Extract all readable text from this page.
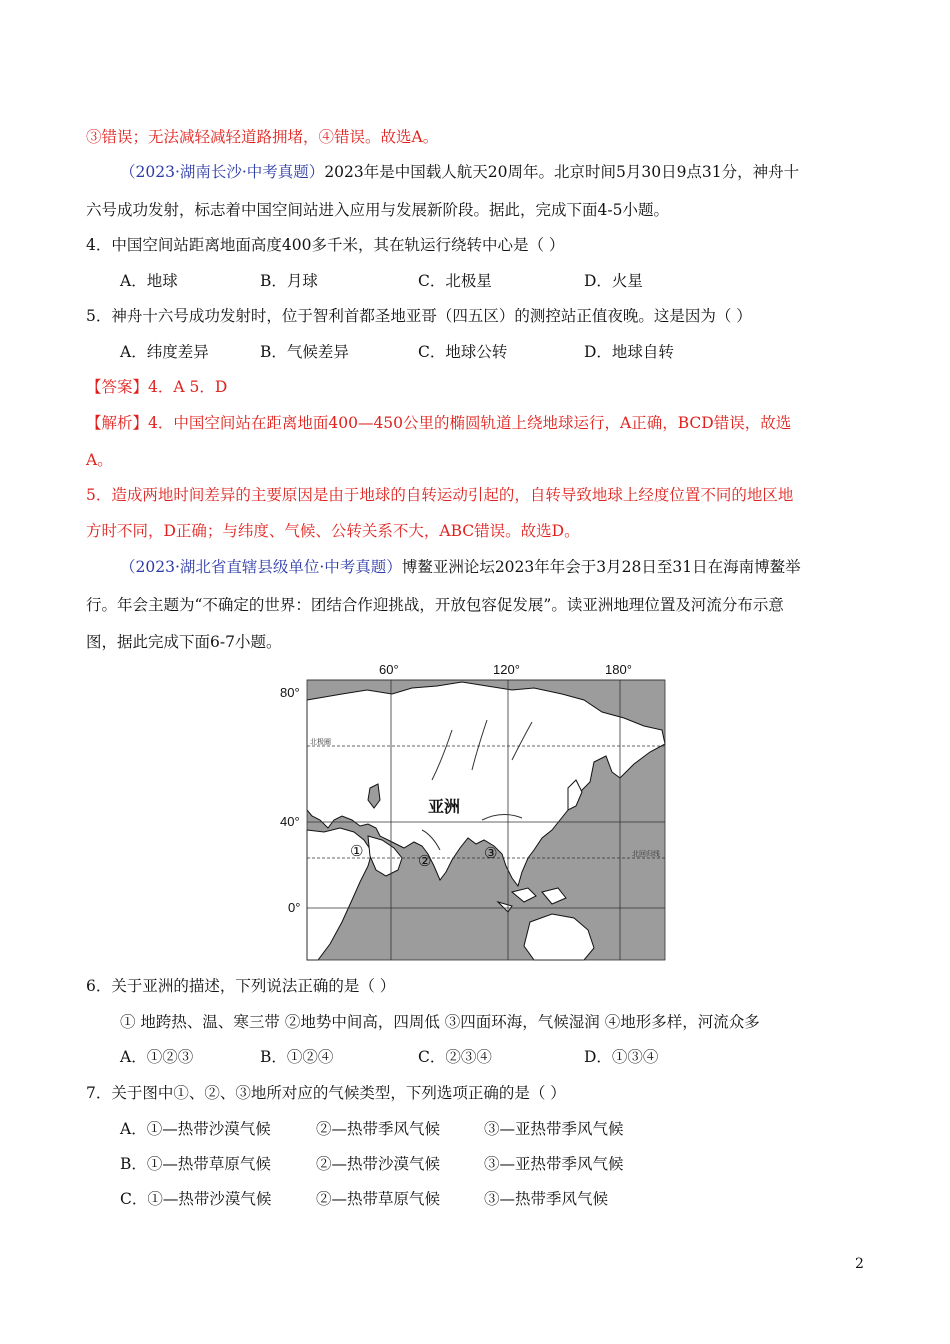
③错误；无法减轻减轻道路拥堵，④错误。故选A。
（2023·湖南长沙·中考真题）2023年是中国载人航天20周年。北京时间5月30日9点31分，神舟十
六号成功发射，标志着中国空间站进入应用与发展新阶段。据此，完成下面4-5小题。
4．中国空间站距离地面高度400多千米，其在轨运行绕转中心是（ ）
A．地球	B．月球	C．北极星	D．火星
5．神舟十六号成功发射时，位于智利首都圣地亚哥（四五区）的测控站正值夜晚。这是因为（ ）
A．纬度差异	B．气候差异	C．地球公转	D．地球自转
【答案】4．A 5．D
【解析】4．中国空间站在距离地面400—450公里的椭圆轨道上绕地球运行，A正确，BCD错误，故选
A。
5．造成两地时间差异的主要原因是由于地球的自转运动引起的，自转导致地球上经度位置不同的地区地
方时不同，D正确；与纬度、气候、公转关系不大，ABC错误。故选D。
（2023·湖北省直辖县级单位·中考真题）博鳌亚洲论坛2023年年会于3月28日至31日在海南博鳌举
行。年会主题为“不确定的世界：团结合作迎挑战，开放包容促发展”。读亚洲地理位置及河流分布示意
图，据此完成下面6-7小题。
60°	120°	180°
80°
40°
0°
北极圈
北回归线
亚洲
①
②	③
6．关于亚洲的描述，下列说法正确的是（ ）
① 地跨热、温、寒三带 ②地势中间高，四周低 ③四面环海，气候湿润 ④地形多样，河流众多
A．①②③	B．①②④	C．②③④	D．①③④
7．关于图中①、②、③地所对应的气候类型，下列选项正确的是（ ）
A．①—热带沙漠气候	②—热带季风气候	③—亚热带季风气候
B．①—热带草原气候	②—热带沙漠气候	③—亚热带季风气候
C．①—热带沙漠气候	②—热带草原气候	③—热带季风气候
2
